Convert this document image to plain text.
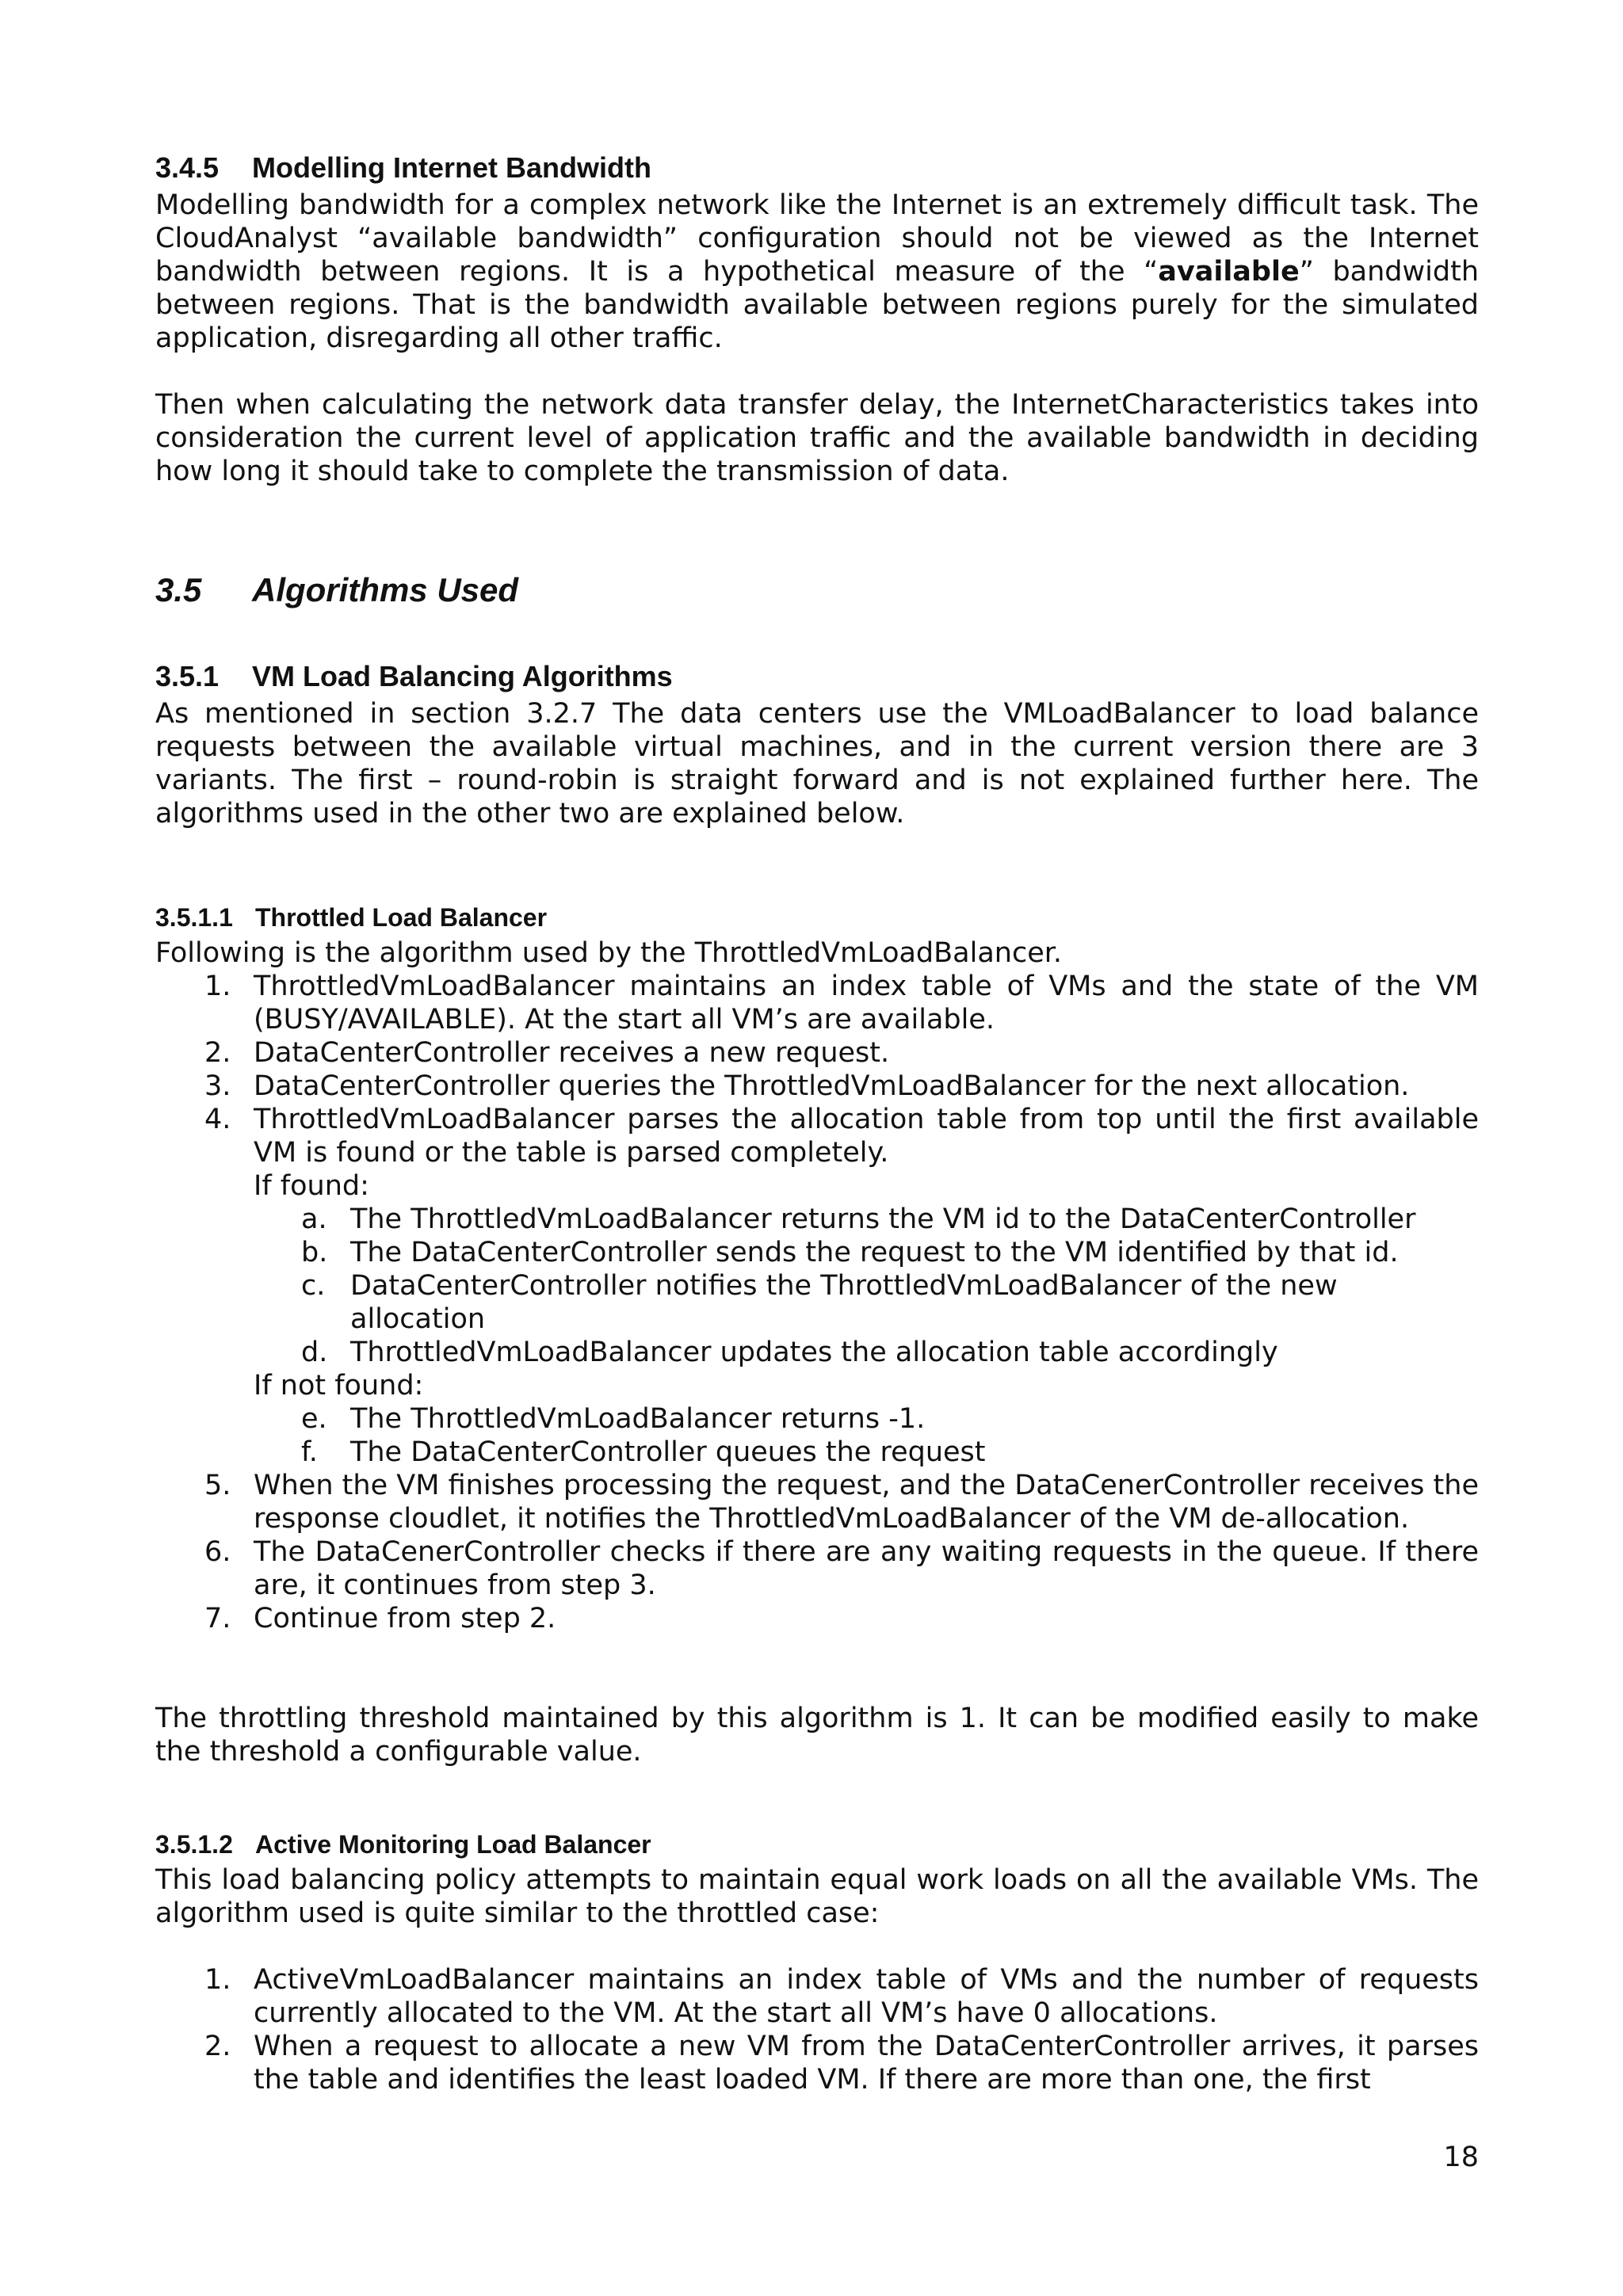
3.4.5 Modelling Internet Bandwidth

Modelling bandwidth for a complex network like the Internet is an extremely difficult task. The CloudAnalyst “available bandwidth” configuration should not be viewed as the Internet bandwidth between regions. It is a hypothetical measure of the “available” bandwidth between regions. That is the bandwidth available between regions purely for the simulated application, disregarding all other traffic.

Then when calculating the network data transfer delay, the InternetCharacteristics takes into consideration the current level of application traffic and the available bandwidth in deciding how long it should take to complete the transmission of data.

3.5 Algorithms Used
3.5.1 VM Load Balancing Algorithms

As mentioned in section 3.2.7 The data centers use the VMLoadBalancer to load balance requests between the available virtual machines, and in the current version there are 3 variants. The first – round-robin is straight forward and is not explained further here. The algorithms used in the other two are explained below.

3.5.1.1 Throttled Load Balancer

Following is the algorithm used by the ThrottledVmLoadBalancer.

1. ThrottledVmLoadBalancer maintains an index table of VMs and the state of the VM (BUSY/AVAILABLE). At the start all VM’s are available.
2. DataCenterController receives a new request.
3. DataCenterController queries the ThrottledVmLoadBalancer for the next allocation.
4. ThrottledVmLoadBalancer parses the allocation table from top until the first available VM is found or the table is parsed completely.

If found:

a. The ThrottledVmLoadBalancer returns the VM id to the DataCenterController
b. The DataCenterController sends the request to the VM identified by that id.
c. DataCenterController notifies the ThrottledVmLoadBalancer of the new allocation
d. ThrottledVmLoadBalancer updates the allocation table accordingly

If not found:

e. The ThrottledVmLoadBalancer returns -1.
f.	The DataCenterController queues the request
5. When the VM finishes processing the request, and the DataCenerController receives the response cloudlet, it notifies the ThrottledVmLoadBalancer of the VM de-allocation.
6. The DataCenerController checks if there are any waiting requests in the queue. If there are, it continues from step 3.
7. Continue from step 2.

The throttling threshold maintained by this algorithm is 1. It can be modified easily to make the threshold a configurable value.

3.5.1.2 Active Monitoring Load Balancer

This load balancing policy attempts to maintain equal work loads on all the available VMs. The algorithm used is quite similar to the throttled case:

1. ActiveVmLoadBalancer maintains an index table of VMs and the number of requests currently allocated to the VM. At the start all VM’s have 0 allocations.
2. When a request to allocate a new VM from the DataCenterController arrives, it parses the table and identifies the least loaded VM. If there are more than one, the first
18
